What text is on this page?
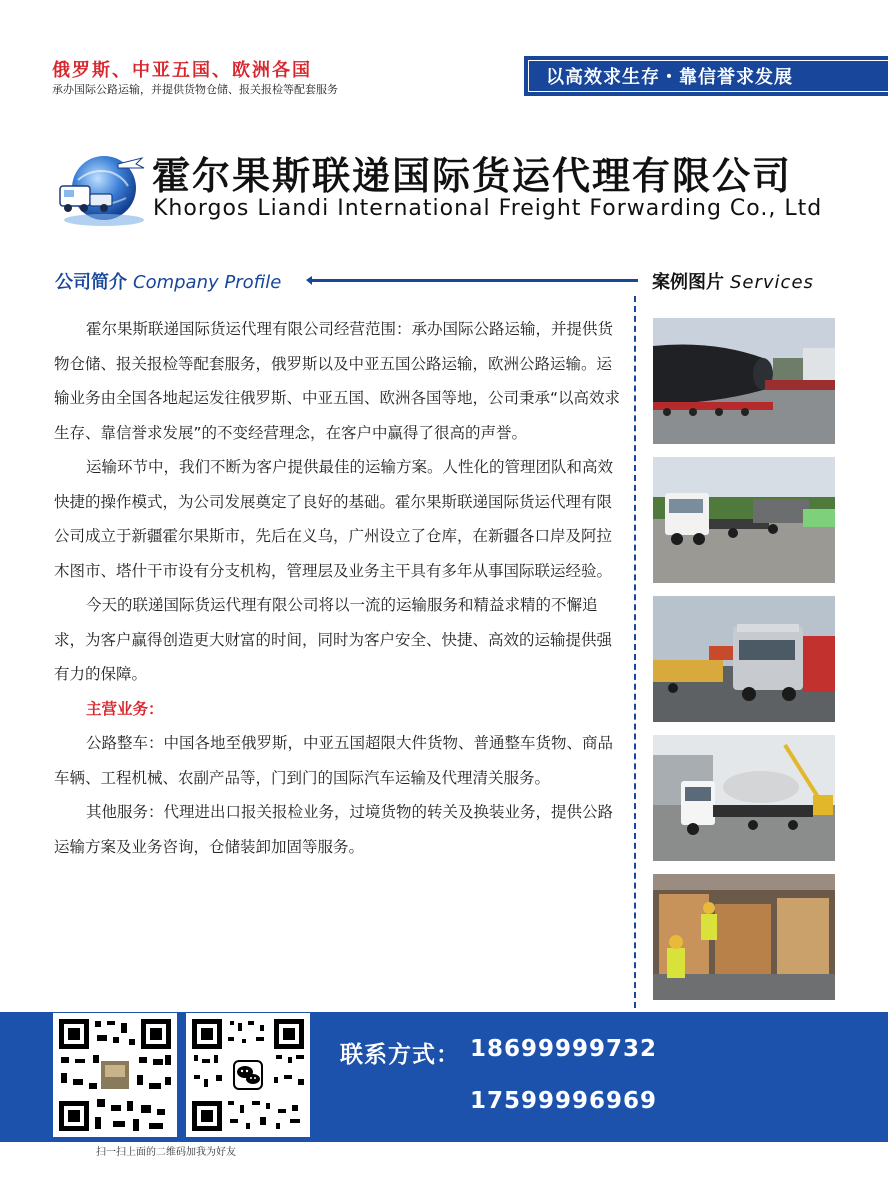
俄罗斯、中亚五国、欧洲各国
承办国际公路运输，并提供货物仓储、报关报检等配套服务
以高效求生存・靠信誉求发展
霍尔果斯联递国际货运代理有限公司
Khorgos Liandi International Freight Forwarding Co., Ltd
公司简介 Company Profile	案例图片 Services

霍尔果斯联递国际货运代理有限公司经营范围：承办国际公路运输，并提供货物仓储、报关报检等配套服务，俄罗斯以及中亚五国公路运输，欧洲公路运输。运输业务由全国各地起运发往俄罗斯、中亚五国、欧洲各国等地，公司秉承“以高效求生存、靠信誉求发展”的不变经营理念，在客户中赢得了很高的声誉。

运输环节中，我们不断为客户提供最佳的运输方案。人性化的管理团队和高效快捷的操作模式，为公司发展奠定了良好的基础。霍尔果斯联递国际货运代理有限公司成立于新疆霍尔果斯市，先后在义乌，广州设立了仓库，在新疆各口岸及阿拉木图市、塔什干市设有分支机构，管理层及业务主干具有多年从事国际联运经验。

今天的联递国际货运代理有限公司将以一流的运输服务和精益求精的不懈追求，为客户赢得创造更大财富的时间，同时为客户安全、快捷、高效的运输提供强有力的保障。

主营业务：

公路整车：中国各地至俄罗斯，中亚五国超限大件货物、普通整车货物、商品车辆、工程机械、农副产品等，门到门的国际汽车运输及代理清关服务。

其他服务：代理进出口报关报检业务，过境货物的转关及换装业务，提供公路运输方案及业务咨询，仓储装卸加固等服务。

扫一扫上面的二维码加我为好友
联系方式： 18699999732
17599996969
